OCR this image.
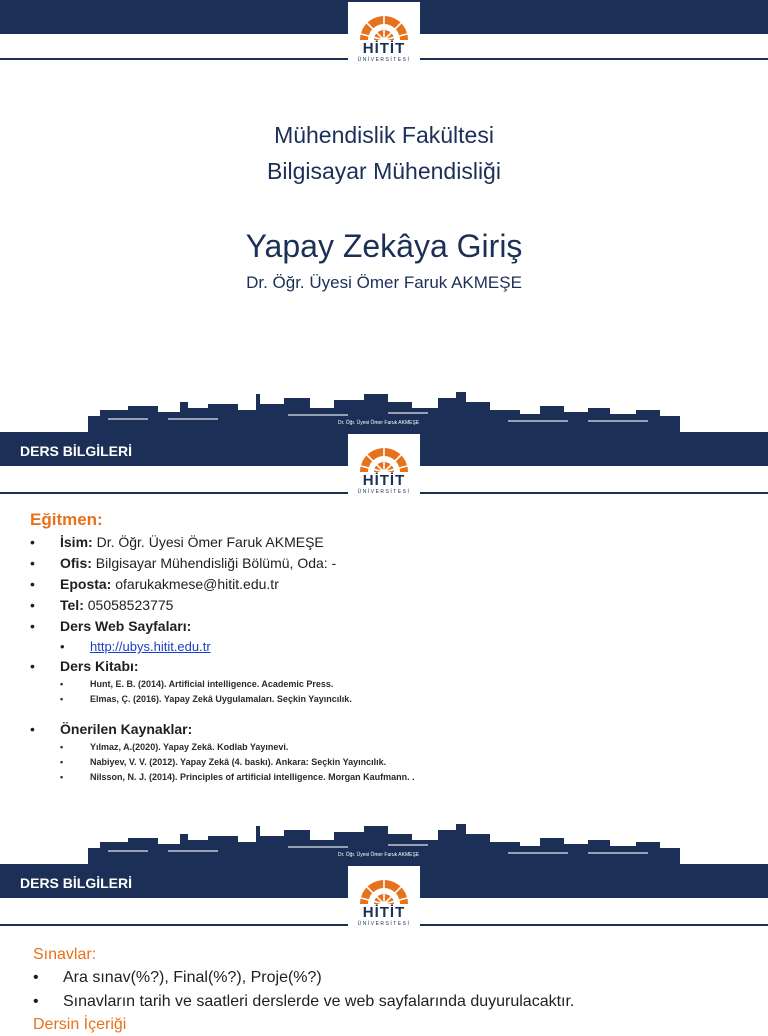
HİTİT
ÜNİVERSİTESİ
Mühendislik Fakültesi
Bilgisayar Mühendisliği
Yapay Zekâya Giriş
Dr. Öğr. Üyesi Ömer Faruk AKMEŞE
Dr. Öğr. Üyesi Ömer Faruk AKMEŞE
DERS BİLGİLERİ
HİTİT
ÜNİVERSİTESİ
Eğitmen:
• İsim: Dr. Öğr. Üyesi Ömer Faruk AKMEŞE
• Ofis: Bilgisayar Mühendisliği Bölümü, Oda: -
• Eposta: ofarukakmese@hitit.edu.tr
• Tel: 05058523775
• Ders Web Sayfaları:
• http://ubys.hitit.edu.tr
• Ders Kitabı:
• Hunt, E. B. (2014). Artificial intelligence. Academic Press.
• Elmas, Ç. (2016). Yapay Zekâ Uygulamaları. Seçkin Yayıncılık.
• Önerilen Kaynaklar:
• Yılmaz, A.(2020). Yapay Zekâ. Kodlab Yayınevi.
• Nabiyev, V. V. (2012). Yapay Zekâ (4. baskı). Ankara: Seçkin Yayıncılık.
• Nilsson, N. J. (2014). Principles of artificial intelligence. Morgan Kaufmann. .
Dr. Öğr. Üyesi Ömer Faruk AKMEŞE
DERS BİLGİLERİ
HİTİT
ÜNİVERSİTESİ
Sınavlar:
• Ara sınav(%?), Final(%?), Proje(%?)
• Sınavların tarih ve saatleri derslerde ve web sayfalarında duyurulacaktır.
Dersin İçeriği
